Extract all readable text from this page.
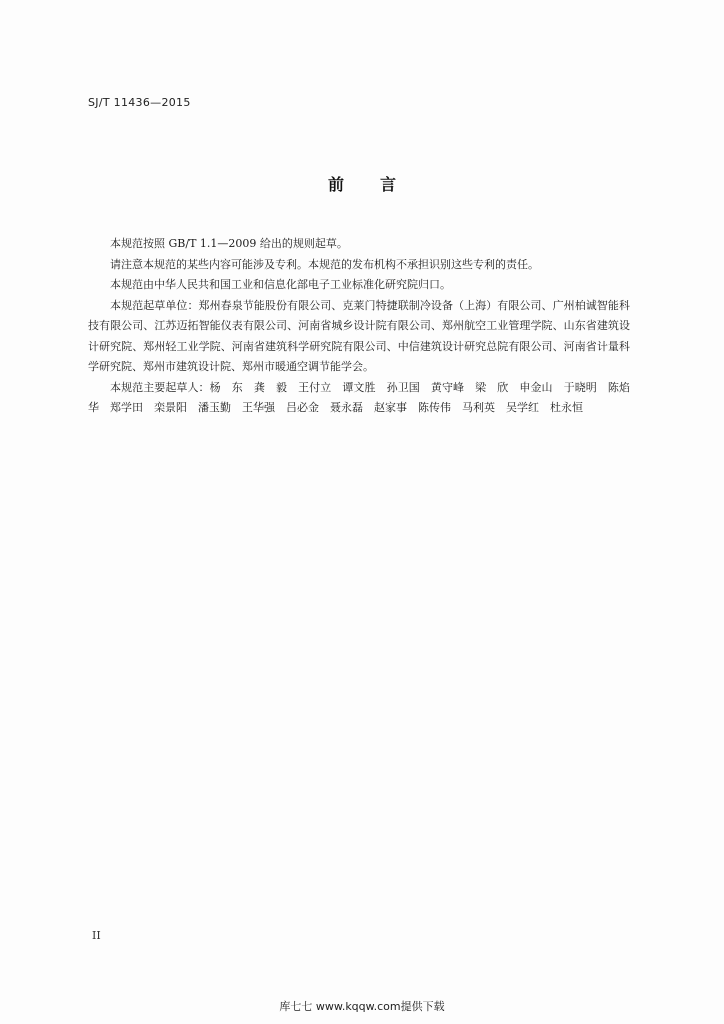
SJ/T 11436—2015
前言

本规范按照 GB/T 1.1—2009 给出的规则起草。

请注意本规范的某些内容可能涉及专利。本规范的发布机构不承担识别这些专利的责任。

本规范由中华人民共和国工业和信息化部电子工业标准化研究院归口。

本规范起草单位：郑州春泉节能股份有限公司、克莱门特捷联制冷设备（上海）有限公司、广州柏诚智能科技有限公司、江苏迈拓智能仪表有限公司、河南省城乡设计院有限公司、郑州航空工业管理学院、山东省建筑设计研究院、郑州轻工业学院、河南省建筑科学研究院有限公司、中信建筑设计研究总院有限公司、河南省计量科学研究院、郑州市建筑设计院、郑州市暖通空调节能学会。

本规范主要起草人：杨　东　龚　毅　王付立　谭文胜　孙卫国　黄守峰　梁　欣　申金山　于晓明　陈焰华　郑学田　栾景阳　潘玉勤　王华强　吕必金　聂永磊　赵家事　陈传伟　马利英　吴学红　杜永恒

II
库七七 www.kqqw.com提供下载
